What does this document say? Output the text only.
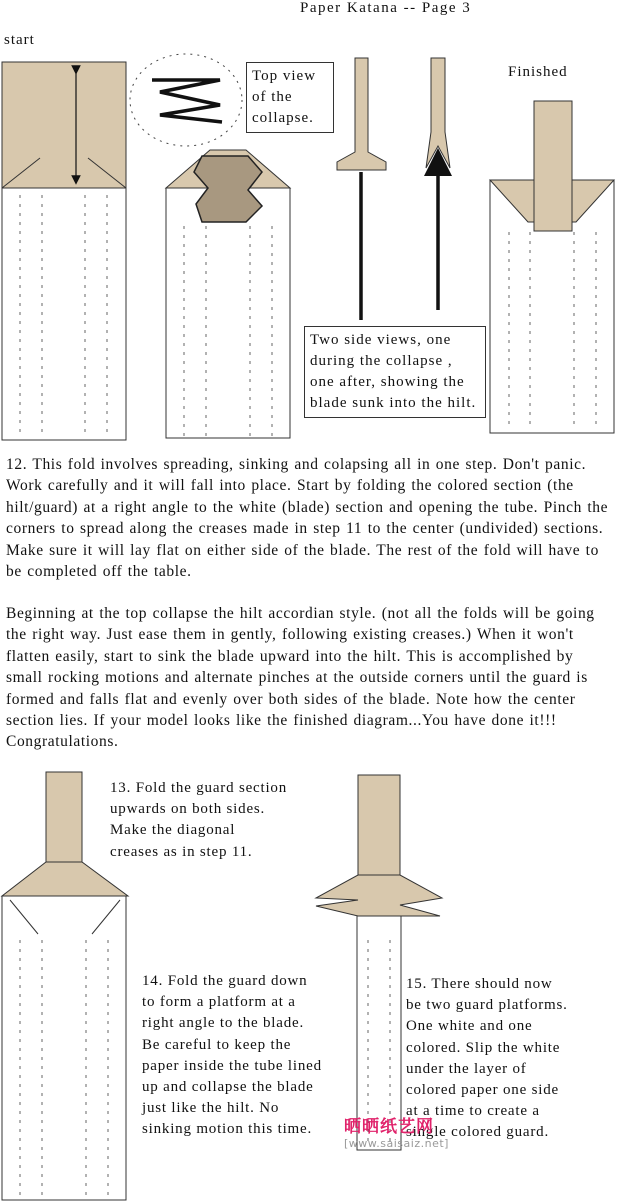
Paper Katana -- Page 3
start
Finished
Top view
of the
collapse.
Two side views, one
during the collapse ,
one after, showing the
blade sunk into the hilt.

12. This fold involves spreading, sinking and colapsing all in one step. Don't panic. Work carefully and it will fall into place. Start by folding the colored section (the hilt/guard) at a right angle to the white (blade) section and opening the tube. Pinch the corners to spread along the creases made in step 11 to the center (undivided) sections. Make sure it will lay flat on either side of the blade. The rest of the fold will have to be completed off the table.

Beginning at the top collapse the hilt accordian style. (not all the folds will be going the right way. Just ease them in gently, following existing creases.) When it won't flatten easily, start to sink the blade upward into the hilt. This is accomplished by small rocking motions and alternate pinches at the outside corners until the guard is formed and falls flat and evenly over both sides of the blade. Note how the center section lies. If your model looks like the finished diagram...You have done it!!! Congratulations.

13. Fold the guard section
upwards on both sides.
Make the diagonal
creases as in step 11.
14. Fold the guard down
to form a platform at a
right angle to the blade.
Be careful to keep the
paper inside the tube lined
up and collapse the blade
just like the hilt. No
sinking motion this time.
15. There should now
be two guard platforms.
One white and one
colored. Slip the white
under the layer of
colored paper one side
at a time to create a
single colored guard.
晒晒纸艺网
[www.saisaiz.net]
